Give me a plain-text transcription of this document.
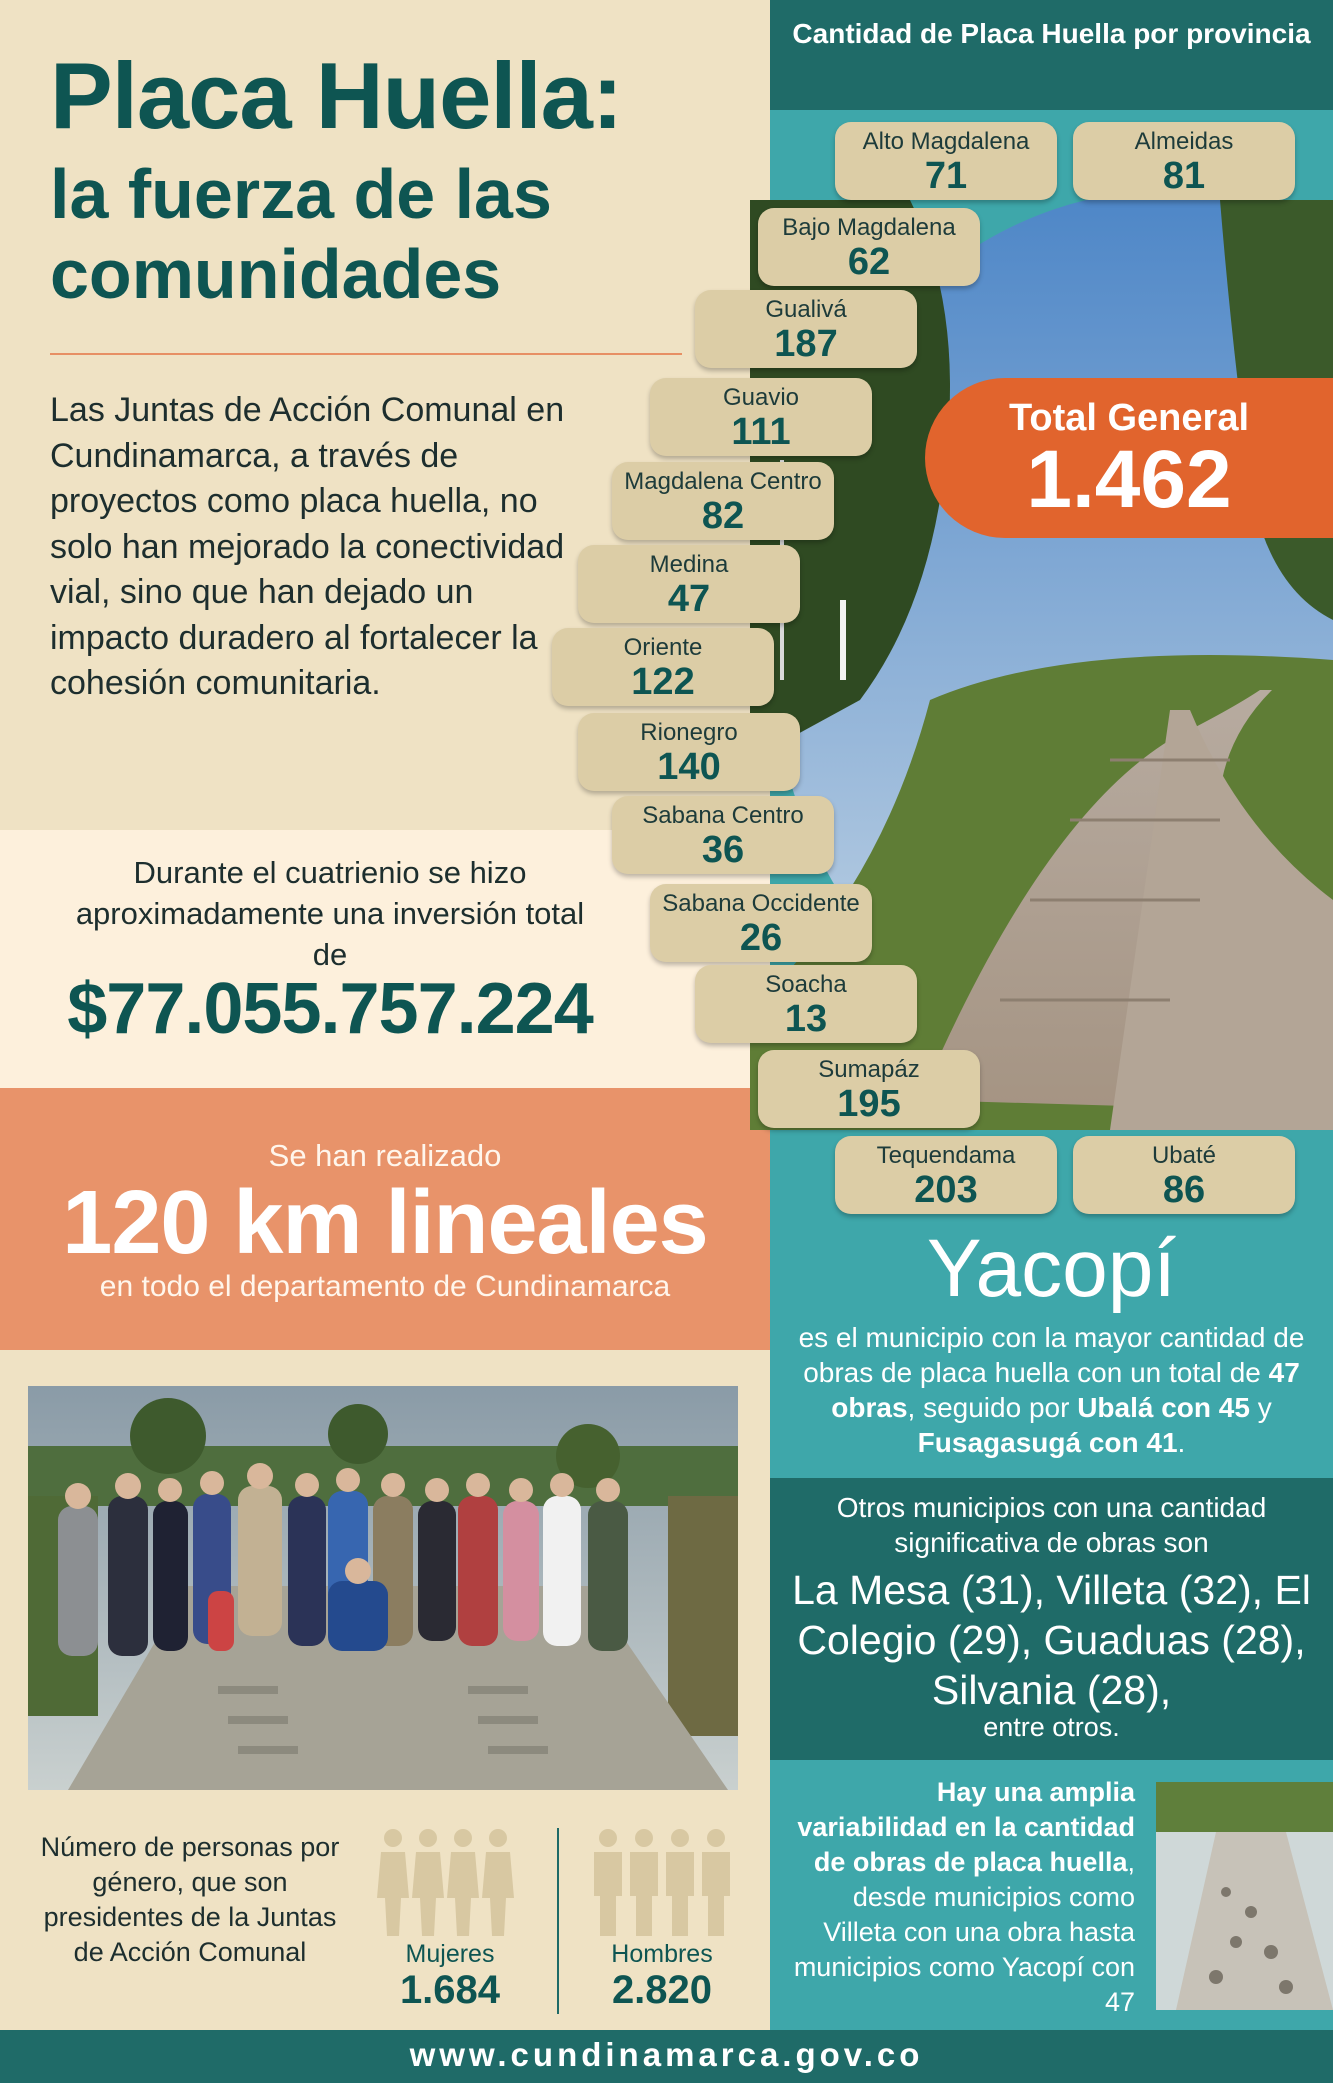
Placa Huella:
la fuerza de las comunidades
Las Juntas de Acción Comunal en Cundinamarca, a través de proyectos como placa huella, no solo han mejorado la conectividad vial, sino que han dejado un impacto duradero al fortalecer la cohesión comunitaria.
Durante el cuatrienio se hizo aproximadamente una inversión total de
$77.055.757.224
Se han realizado
120 km lineales
en todo el departamento de Cundinamarca
Número de personas por género, que son presidentes de la Juntas de Acción Comunal	Mujeres
1.684
Hombres
2.820
Cantidad de Placa Huella por provincia
Alto Magdalena
71
Almeidas
81
Bajo Magdalena
62
Gualivá
187
Guavio
111
Magdalena Centro
82
Medina
47
Oriente
122
Rionegro
140
Sabana Centro
36
Sabana Occidente
26
Soacha
13
Sumapáz
195
Tequendama
203
Ubaté
86
Total General
1.462
Yacopí
es el municipio con la mayor cantidad de obras de placa huella con un total de 47 obras, seguido por Ubalá con 45 y Fusagasugá con 41.
Otros municipios con una cantidad significativa de obras son
La Mesa (31), Villeta (32), El Colegio (29), Guaduas (28), Silvania (28),
entre otros.
Hay una amplia variabilidad en la cantidad de obras de placa huella, desde municipios como Villeta con una obra hasta municipios como Yacopí con 47
www.cundinamarca.gov.co
